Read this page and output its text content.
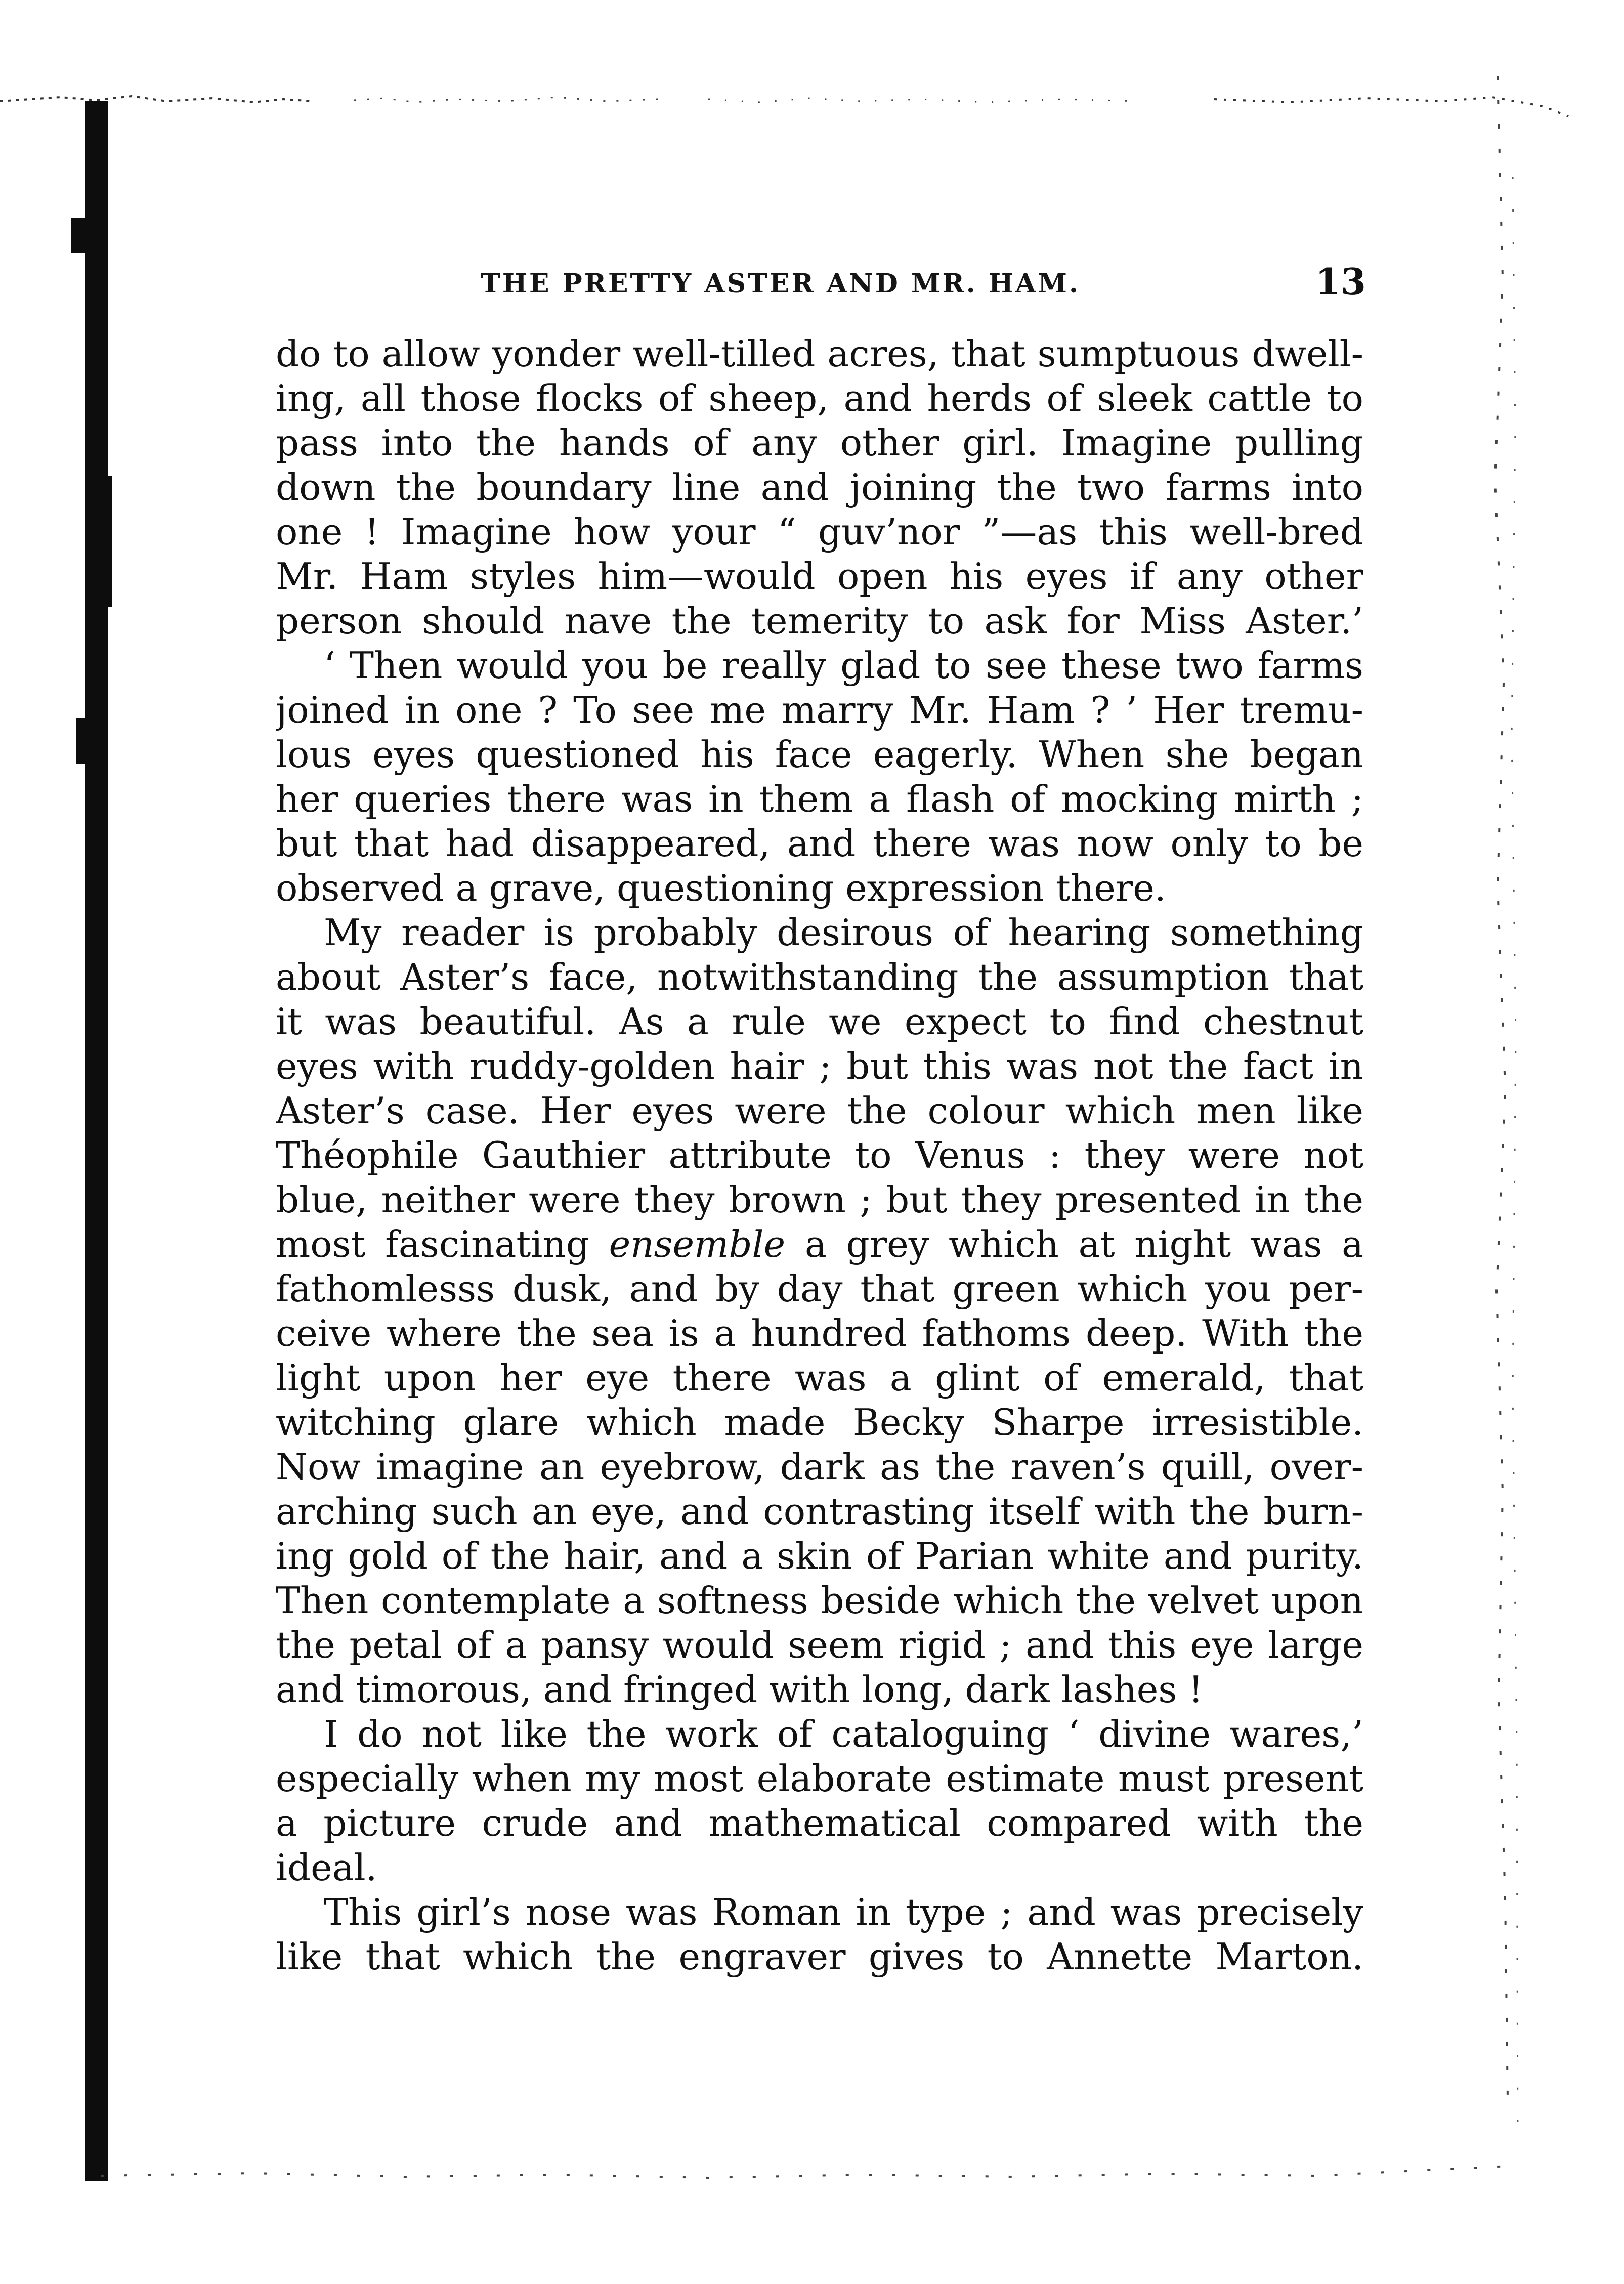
THE PRETTY ASTER AND MR. HAM.	13
do to allow yonder well-tilled acres, that sumptuous dwell-
ing, all those flocks of sheep, and herds of sleek cattle to
pass into the hands of any other girl. Imagine pulling
down the boundary line and joining the two farms into
one ! Imagine how your “ guv’nor ”—as this well-bred
Mr. Ham styles him—would open his eyes if any other
person should nave the temerity to ask for Miss Aster.’
‘ Then would you be really glad to see these two farms
joined in one ? To see me marry Mr. Ham ? ’ Her tremu-
lous eyes questioned his face eagerly. When she began
her queries there was in them a flash of mocking mirth ;
but that had disappeared, and there was now only to be
observed a grave, questioning expression there.
My reader is probably desirous of hearing something
about Aster’s face, notwithstanding the assumption that
it was beautiful. As a rule we expect to find chestnut
eyes with ruddy-golden hair ; but this was not the fact in
Aster’s case. Her eyes were the colour which men like
Théophile Gauthier attribute to Venus : they were not
blue, neither were they brown ; but they presented in the
most fascinating ensemble a grey which at night was a
fathomlesss dusk, and by day that green which you per-
ceive where the sea is a hundred fathoms deep. With the
light upon her eye there was a glint of emerald, that
witching glare which made Becky Sharpe irresistible.
Now imagine an eyebrow, dark as the raven’s quill, over-
arching such an eye, and contrasting itself with the burn-
ing gold of the hair, and a skin of Parian white and purity.
Then contemplate a softness beside which the velvet upon
the petal of a pansy would seem rigid ; and this eye large
and timorous, and fringed with long, dark lashes !
I do not like the work of cataloguing ‘ divine wares,’
especially when my most elaborate estimate must present
a picture crude and mathematical compared with the
ideal.
This girl’s nose was Roman in type ; and was precisely
like that which the engraver gives to Annette Marton.
